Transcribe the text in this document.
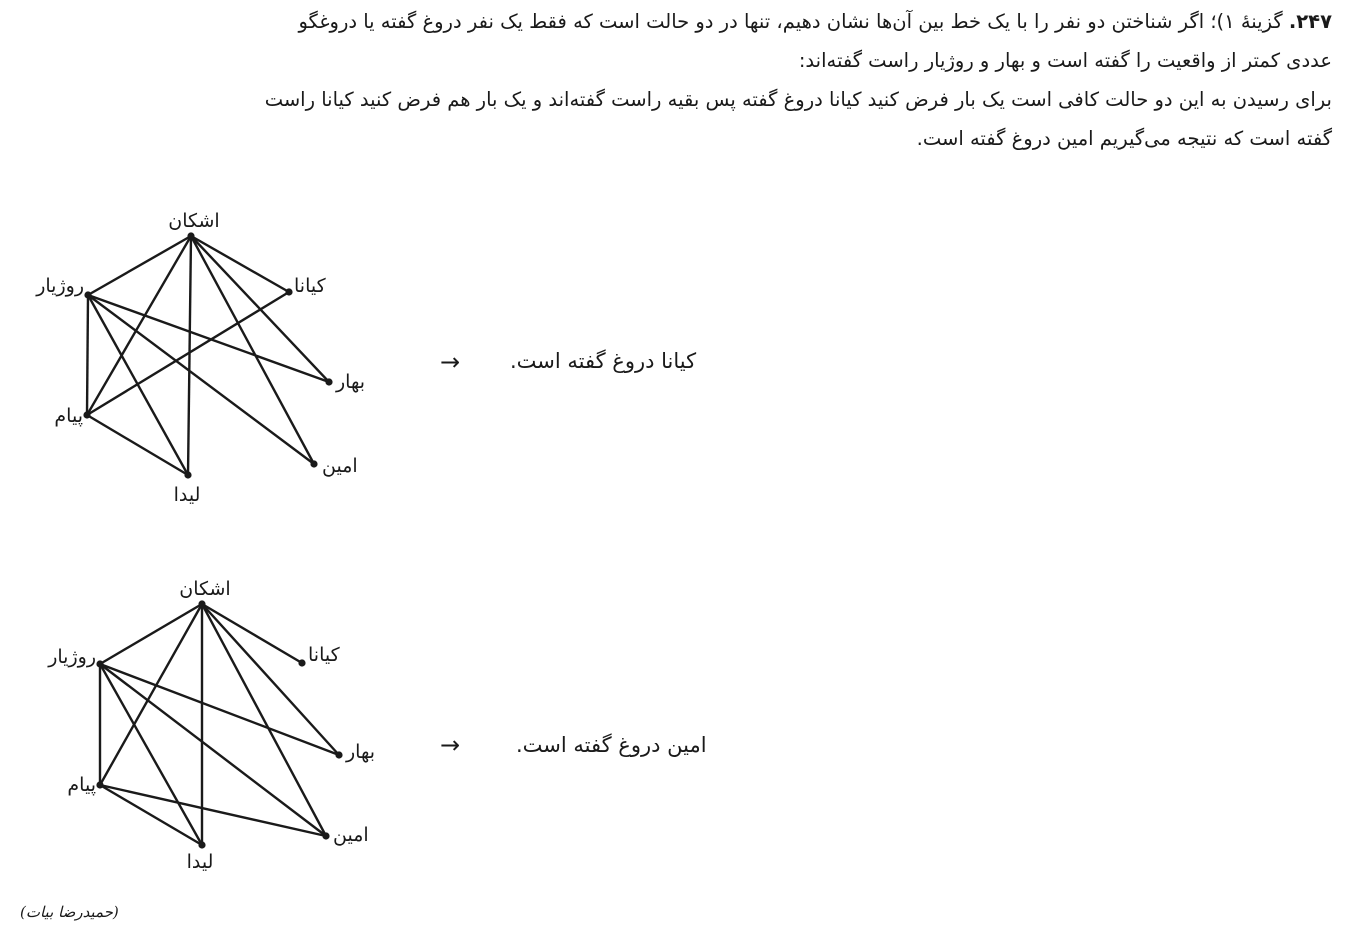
۲۴۷. گزینهٔ ۱)؛ اگر شناختن دو نفر را با یک خط بین آن‌ها نشان دهیم، تنها در دو حالت است که فقط یک نفر دروغ گفته یا دروغگو
عددی کمتر از واقعیت را گفته است و بهار و روژیار راست گفته‌اند:
برای رسیدن به این دو حالت کافی است یک بار فرض کنید کیانا دروغ گفته پس بقیه راست گفته‌اند و یک بار هم فرض کنید کیانا راست
گفته است که نتیجه می‌گیریم امین دروغ گفته است.
اشکان
روژیار	کیانا
بهار
پیام
امین
لیدا
→ کیانا دروغ گفته است.
اشکان
روژیار	کیانا
بهار
پیام
امین
لیدا
→	امین دروغ گفته است.
(حمیدرضا بیات)
